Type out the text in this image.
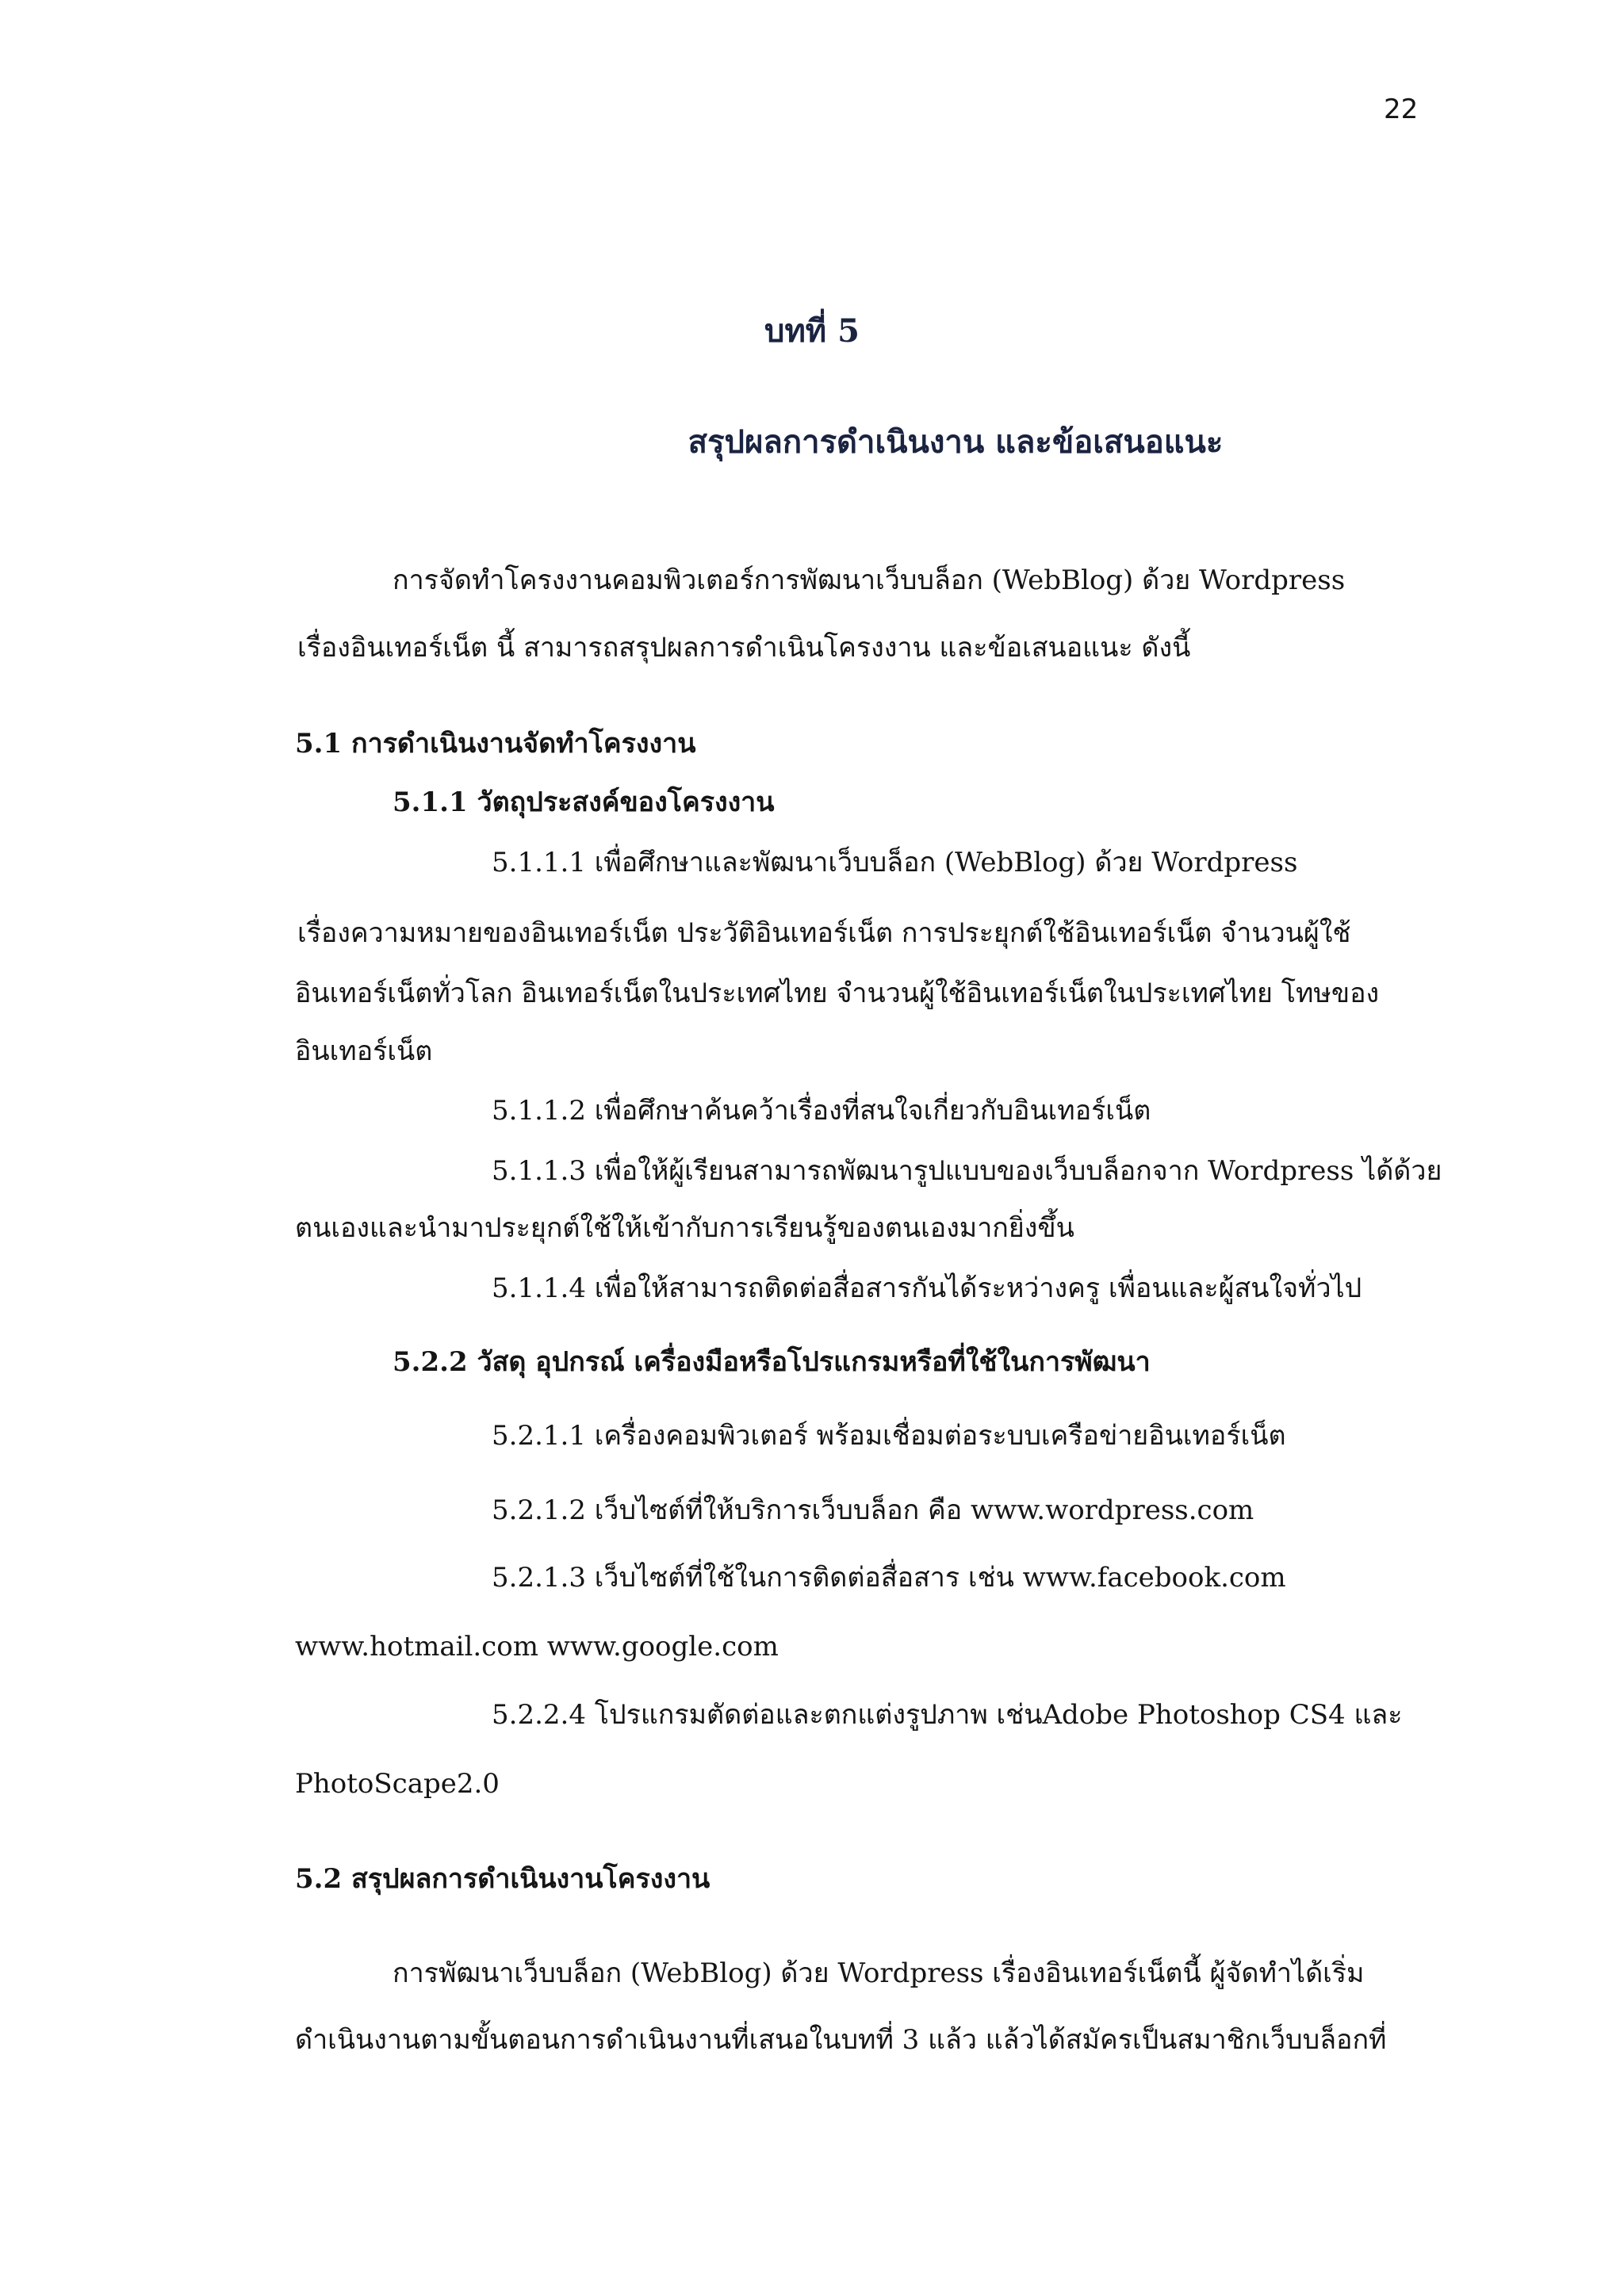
22
บทที่ 5
สรุปผลการดำเนินงาน และข้อเสนอแนะ
การจัดทำโครงงานคอมพิวเตอร์การพัฒนาเว็บบล็อก (WebBlog) ด้วย Wordpress
เรื่องอินเทอร์เน็ต นี้ สามารถสรุปผลการดำเนินโครงงาน และข้อเสนอแนะ ดังนี้
5.1 การดำเนินงานจัดทำโครงงาน
5.1.1 วัตถุประสงค์ของโครงงาน
5.1.1.1 เพื่อศึกษาและพัฒนาเว็บบล็อก (WebBlog) ด้วย Wordpress
เรื่องความหมายของอินเทอร์เน็ต ประวัติอินเทอร์เน็ต การประยุกต์ใช้อินเทอร์เน็ต จำนวนผู้ใช้
อินเทอร์เน็ตทั่วโลก อินเทอร์เน็ตในประเทศไทย จำนวนผู้ใช้อินเทอร์เน็ตในประเทศไทย โทษของ
อินเทอร์เน็ต
5.1.1.2 เพื่อศึกษาค้นคว้าเรื่องที่สนใจเกี่ยวกับอินเทอร์เน็ต
5.1.1.3 เพื่อให้ผู้เรียนสามารถพัฒนารูปแบบของเว็บบล็อกจาก Wordpress ได้ด้วย
ตนเองและนำมาประยุกต์ใช้ให้เข้ากับการเรียนรู้ของตนเองมากยิ่งขึ้น
5.1.1.4 เพื่อให้สามารถติดต่อสื่อสารกันได้ระหว่างครู เพื่อนและผู้สนใจทั่วไป
5.2.2 วัสดุ อุปกรณ์ เครื่องมือหรือโปรแกรมหรือที่ใช้ในการพัฒนา
5.2.1.1 เครื่องคอมพิวเตอร์ พร้อมเชื่อมต่อระบบเครือข่ายอินเทอร์เน็ต
5.2.1.2 เว็บไซต์ที่ให้บริการเว็บบล็อก คือ www.wordpress.com
5.2.1.3 เว็บไซต์ที่ใช้ในการติดต่อสื่อสาร เช่น www.facebook.com
www.hotmail.com www.google.com
5.2.2.4 โปรแกรมตัดต่อและตกแต่งรูปภาพ เช่นAdobe Photoshop CS4 และ
PhotoScape2.0
5.2 สรุปผลการดำเนินงานโครงงาน
การพัฒนาเว็บบล็อก (WebBlog) ด้วย Wordpress เรื่องอินเทอร์เน็ตนี้ ผู้จัดทำได้เริ่ม
ดำเนินงานตามขั้นตอนการดำเนินงานที่เสนอในบทที่ 3 แล้ว แล้วได้สมัครเป็นสมาชิกเว็บบล็อกที่
